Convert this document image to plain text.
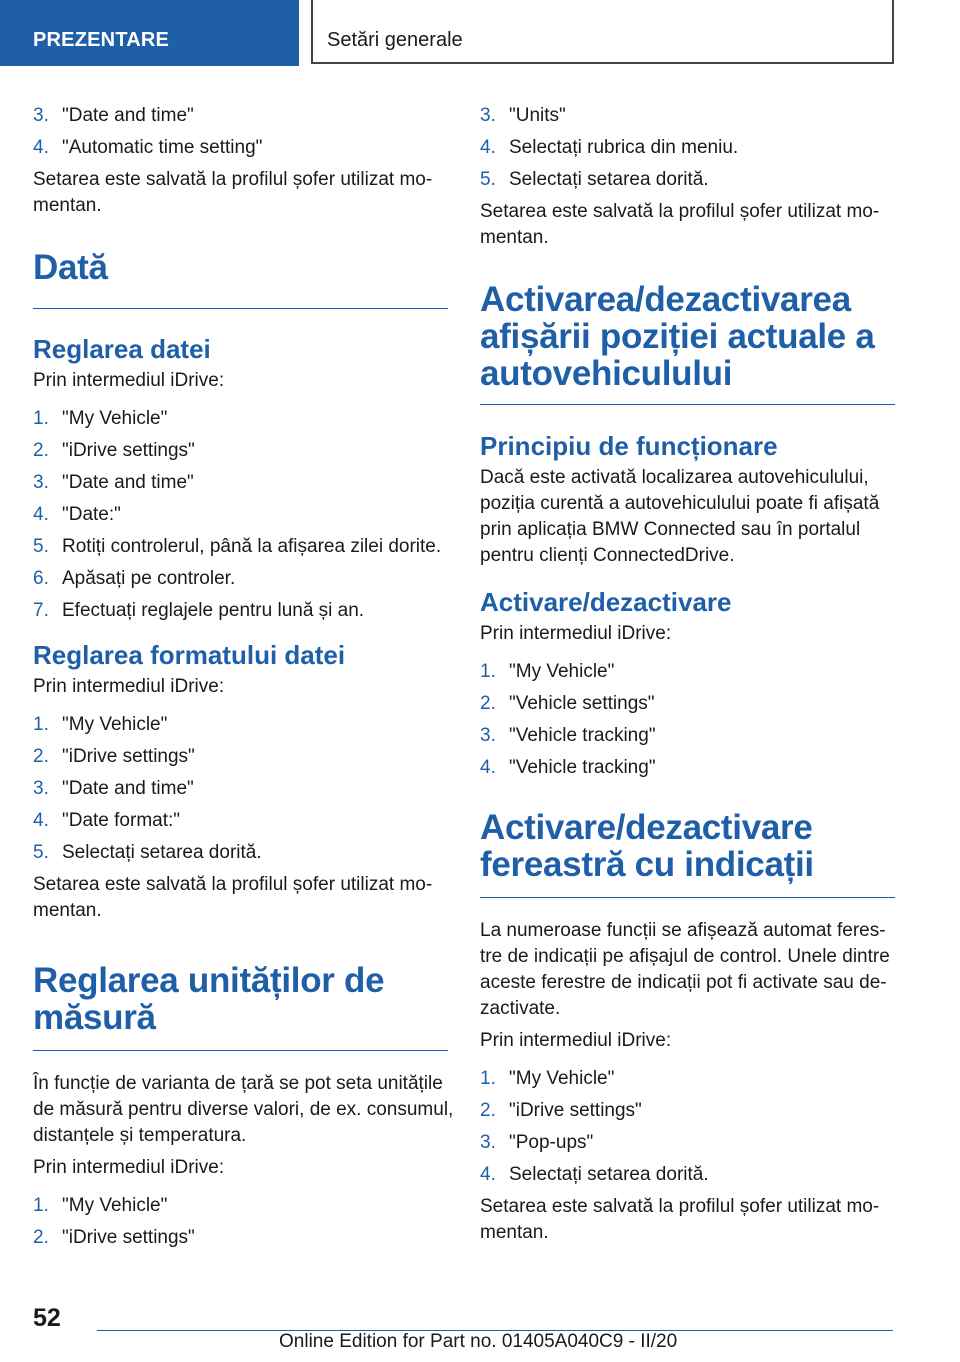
PREZENTARE	Setări generale
3. "Date and time"
4. "Automatic time setting"
Setarea este salvată la profilul șofer utilizat mo-
mentan.
Dată
Reglarea datei
Prin intermediul iDrive:
1. "My Vehicle"
2. "iDrive settings"
3. "Date and time"
4. "Date:"
5. Rotiți controlerul, până la afișarea zilei dorite.
6. Apăsați pe controler.
7. Efectuați reglajele pentru lună și an.
Reglarea formatului datei
Prin intermediul iDrive:
1. "My Vehicle"
2. "iDrive settings"
3. "Date and time"
4. "Date format:"
5. Selectați setarea dorită.
Setarea este salvată la profilul șofer utilizat mo-
mentan.
Reglarea unităților de
măsură
În funcție de varianta de țară se pot seta unitățile
de măsură pentru diverse valori, de ex. consumul,
distanțele și temperatura.
Prin intermediul iDrive:
1. "My Vehicle"
2. "iDrive settings"
3. "Units"
4. Selectați rubrica din meniu.
5. Selectați setarea dorită.
Setarea este salvată la profilul șofer utilizat mo-
mentan.
Activarea/dezactivarea
afișării poziției actuale a
autovehiculului
Principiu de funcționare
Dacă este activată localizarea autovehiculului,
poziția curentă a autovehiculului poate fi afișată
prin aplicația BMW Connected sau în portalul
pentru clienți ConnectedDrive.
Activare/dezactivare
Prin intermediul iDrive:
1. "My Vehicle"
2. "Vehicle settings"
3. "Vehicle tracking"
4. "Vehicle tracking"
Activare/dezactivare
fereastră cu indicații
La numeroase funcții se afișează automat feres-
tre de indicații pe afișajul de control. Unele dintre
aceste ferestre de indicații pot fi activate sau de-
zactivate.
Prin intermediul iDrive:
1. "My Vehicle"
2. "iDrive settings"
3. "Pop-ups"
4. Selectați setarea dorită.
Setarea este salvată la profilul șofer utilizat mo-
mentan.
52
Online Edition for Part no. 01405A040C9 - II/20
